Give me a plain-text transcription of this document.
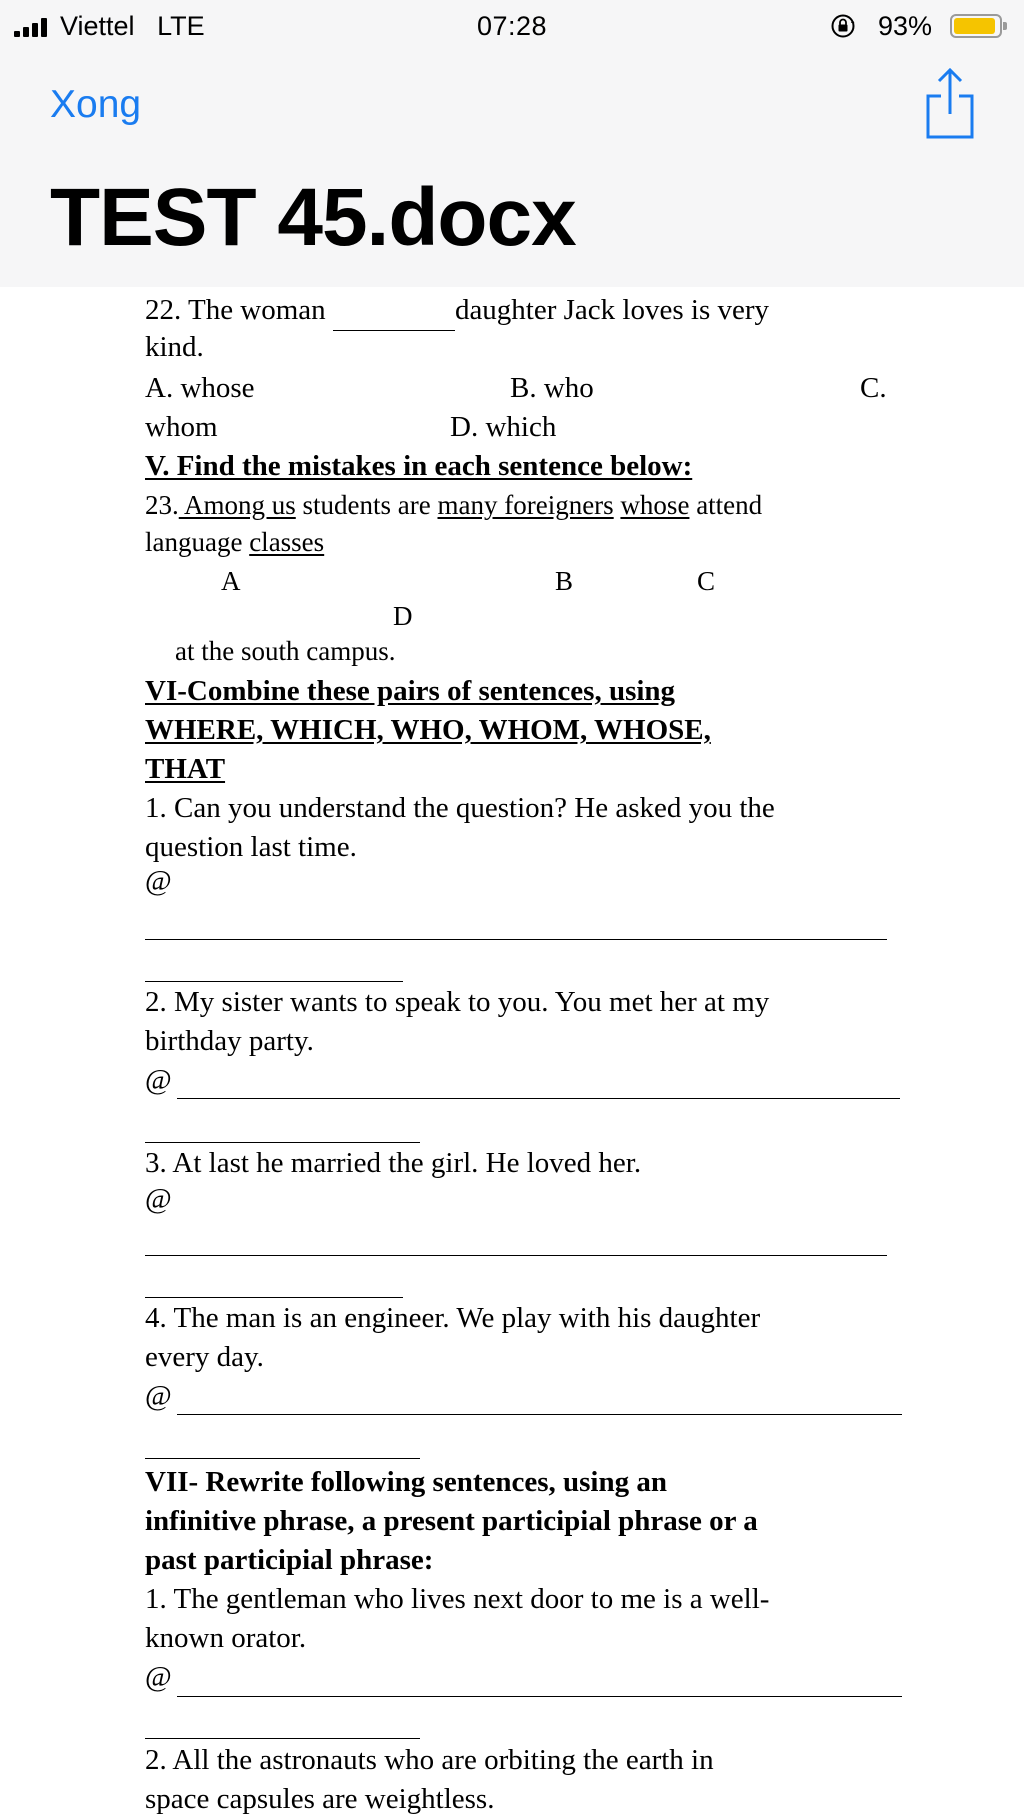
Viettel LTE	07:28	93%
Xong
TEST 45.docx
22. The woman	daughter Jack loves is very
kind.
A. whose	B. who	C.
whom	D. which
V. Find the mistakes in each sentence below:
23. Among us students are many foreigners whose attend
language classes
A	B	C
D
at the south campus.
VI-Combine these pairs of sentences, using
WHERE, WHICH, WHO, WHOM, WHOSE,
THAT
1. Can you understand the question? He asked you the
question last time.
@
2. My sister wants to speak to you. You met her at my
birthday party.
@
3. At last he married the girl. He loved her.
@
4. The man is an engineer. We play with his daughter
every day.
@
VII- Rewrite following sentences, using an
infinitive phrase, a present participial phrase or a
past participial phrase:
1. The gentleman who lives next door to me is a well-
known orator.
@
2. All the astronauts who are orbiting the earth in
space capsules are weightless.
